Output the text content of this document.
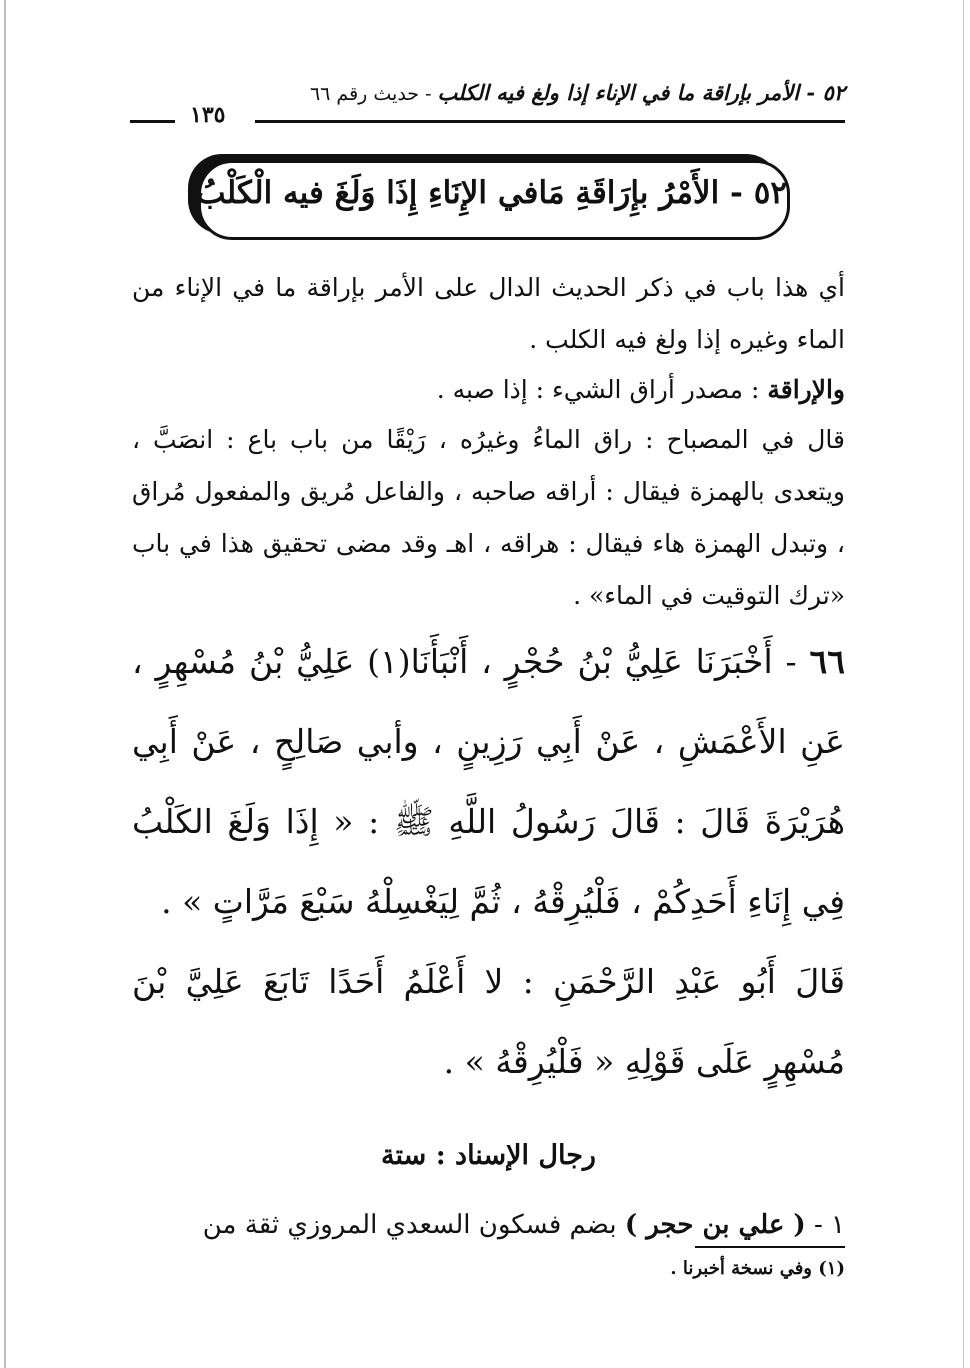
٥٢ - الأمر بإراقة ما في الإناء إذا ولغ فيه الكلب - حديث رقم ٦٦
١٣٥
٥٢ - الأَمْرُ بإِرَاقَةِ مَافي الإِنَاءِ إِذَا وَلَغَ فيه الْكَلْبُ

أي هذا باب في ذكر الحديث الدال على الأمر بإراقة ما في الإناء من الماء وغيره إذا ولغ فيه الكلب .

والإراقة : مصدر أراق الشيء : إذا صبه .

قال في المصباح : راق الماءُ وغيرُه ، رَيْقًا من باب باع : انصَبَّ ، ويتعدى بالهمزة فيقال : أراقه صاحبه ، والفاعل مُريق والمفعول مُراق ، وتبدل الهمزة هاء فيقال : هراقه ، اهـ وقد مضى تحقيق هذا في باب «ترك التوقيت في الماء» .

٦٦ - أَخْبَرَنَا عَلِيُّ بْنُ حُجْرٍ ، أَنْبَأَنَا(١) عَلِيُّ بْنُ مُسْهِرٍ ، عَنِ الأَعْمَشِ ، عَنْ أَبِي رَزِينٍ ، وأبي صَالِحٍ ، عَنْ أَبِي هُرَيْرَةَ قَالَ : قَالَ رَسُولُ اللَّهِ ﷺ : « إِذَا وَلَغَ الكَلْبُ فِي إِنَاءِ أَحَدِكُمْ ، فَلْيُرِقْهُ ، ثُمَّ لِيَغْسِلْهُ سَبْعَ مَرَّاتٍ » .

قَالَ أَبُو عَبْدِ الرَّحْمَنِ : لا أَعْلَمُ أَحَدًا تَابَعَ عَلِيَّ بْنَ مُسْهِرٍ عَلَى قَوْلِهِ « فَلْيُرِقْهُ » .

رجال الإسناد : ستة

١ - ( علي بن حجر ) بضم فسكون السعدي المروزي ثقة من

(١) وفي نسخة أخبرنا .
